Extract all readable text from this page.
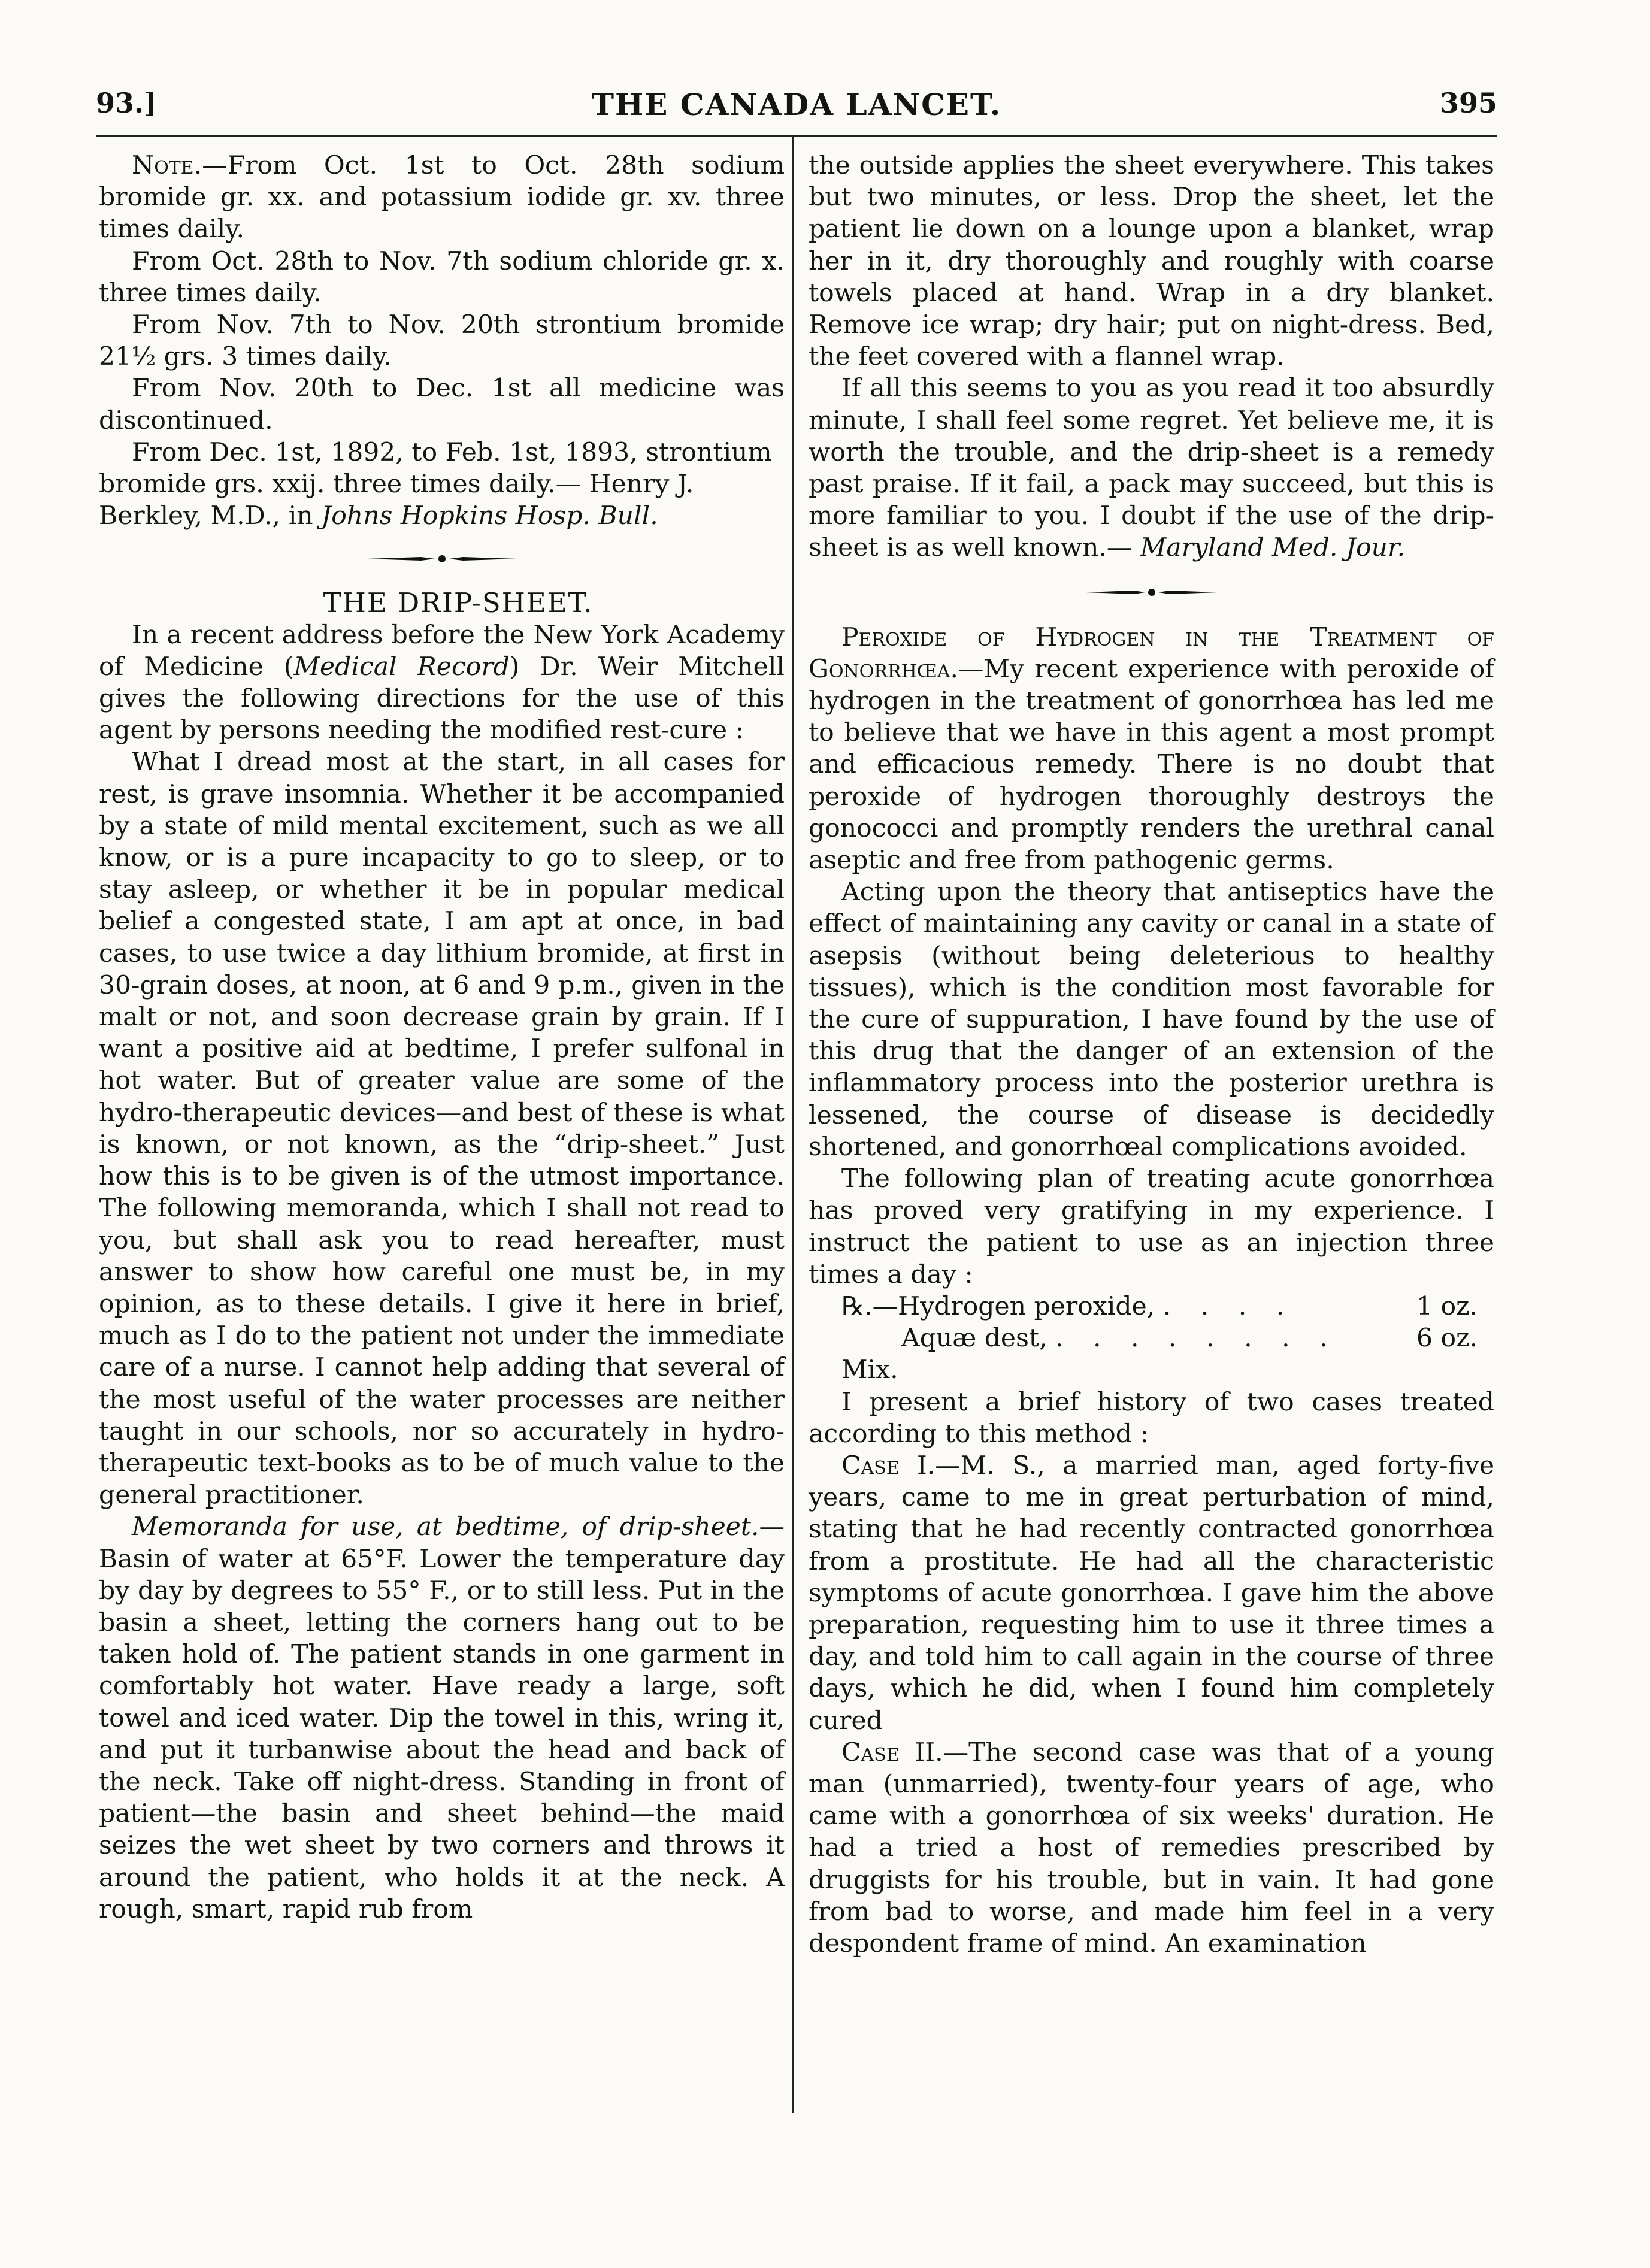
93.]	THE CANADA LANCET.	395

Note.—From Oct. 1st to Oct. 28th sodium bromide gr. xx. and potassium iodide gr. xv. three times daily.

From Oct. 28th to Nov. 7th sodium chloride gr. x. three times daily.

From Nov. 7th to Nov. 20th strontium bromide 21½ grs. 3 times daily.

From Nov. 20th to Dec. 1st all medicine was discontinued.

From Dec. 1st, 1892, to Feb. 1st, 1893, strontium bromide grs. xxij. three times daily.— Henry J. Berkley, M.D., in Johns Hopkins Hosp. Bull.

THE DRIP-SHEET.

In a recent address before the New York Academy of Medicine (Medical Record) Dr. Weir Mitchell gives the following directions for the use of this agent by persons needing the modified rest-cure :

What I dread most at the start, in all cases for rest, is grave insomnia. Whether it be accompanied by a state of mild mental excitement, such as we all know, or is a pure incapacity to go to sleep, or to stay asleep, or whether it be in popular medical belief a congested state, I am apt at once, in bad cases, to use twice a day lithium bromide, at first in 30-grain doses, at noon, at 6 and 9 p.m., given in the malt or not, and soon decrease grain by grain. If I want a positive aid at bedtime, I prefer sulfonal in hot water. But of greater value are some of the hydro-therapeutic devices—and best of these is what is known, or not known, as the “drip-sheet.” Just how this is to be given is of the utmost importance. The following memoranda, which I shall not read to you, but shall ask you to read hereafter, must answer to show how careful one must be, in my opinion, as to these details. I give it here in brief, much as I do to the patient not under the immediate care of a nurse. I cannot help adding that several of the most useful of the water processes are neither taught in our schools, nor so accurately in hydro-therapeutic text-books as to be of much value to the general practitioner.

Memoranda for use, at bedtime, of drip-sheet.— Basin of water at 65°F. Lower the temperature day by day by degrees to 55° F., or to still less. Put in the basin a sheet, letting the corners hang out to be taken hold of. The patient stands in one garment in comfortably hot water. Have ready a large, soft towel and iced water. Dip the towel in this, wring it, and put it turbanwise about the head and back of the neck. Take off night-dress. Standing in front of patient—the basin and sheet behind—the maid seizes the wet sheet by two corners and throws it around the patient, who holds it at the neck. A rough, smart, rapid rub from

the outside applies the sheet everywhere. This takes but two minutes, or less. Drop the sheet, let the patient lie down on a lounge upon a blanket, wrap her in it, dry thoroughly and roughly with coarse towels placed at hand. Wrap in a dry blanket. Remove ice wrap; dry hair; put on night-dress. Bed, the feet covered with a flannel wrap.

If all this seems to you as you read it too absurdly minute, I shall feel some regret. Yet believe me, it is worth the trouble, and the drip-sheet is a remedy past praise. If it fail, a pack may succeed, but this is more familiar to you. I doubt if the use of the drip-sheet is as well known.— Maryland Med. Jour.

Peroxide of Hydrogen in the Treatment of Gonorrhœa.—My recent experience with peroxide of hydrogen in the treatment of gonorrhœa has led me to believe that we have in this agent a most prompt and efficacious remedy. There is no doubt that peroxide of hydrogen thoroughly destroys the gonococci and promptly renders the urethral canal aseptic and free from pathogenic germs.

Acting upon the theory that antiseptics have the effect of maintaining any cavity or canal in a state of asepsis (without being deleterious to healthy tissues), which is the condition most favorable for the cure of suppuration, I have found by the use of this drug that the danger of an extension of the inflammatory process into the posterior urethra is lessened, the course of disease is decidedly shortened, and gonorrhœal complications avoided.

The following plan of treating acute gonorrhœa has proved very gratifying in my experience. I instruct the patient to use as an injection three times a day :

℞.—Hydrogen peroxide, . . . .	1 oz.
Aquæ dest, . . . . . . . .	6 oz.

Mix.

I present a brief history of two cases treated according to this method :

Case I.—M. S., a married man, aged forty-five years, came to me in great perturbation of mind, stating that he had recently contracted gonorrhœa from a prostitute. He had all the characteristic symptoms of acute gonorrhœa. I gave him the above preparation, requesting him to use it three times a day, and told him to call again in the course of three days, which he did, when I found him completely cured

Case II.—The second case was that of a young man (unmarried), twenty-four years of age, who came with a gonorrhœa of six weeks' duration. He had a tried a host of remedies prescribed by druggists for his trouble, but in vain. It had gone from bad to worse, and made him feel in a very despondent frame of mind. An examination
